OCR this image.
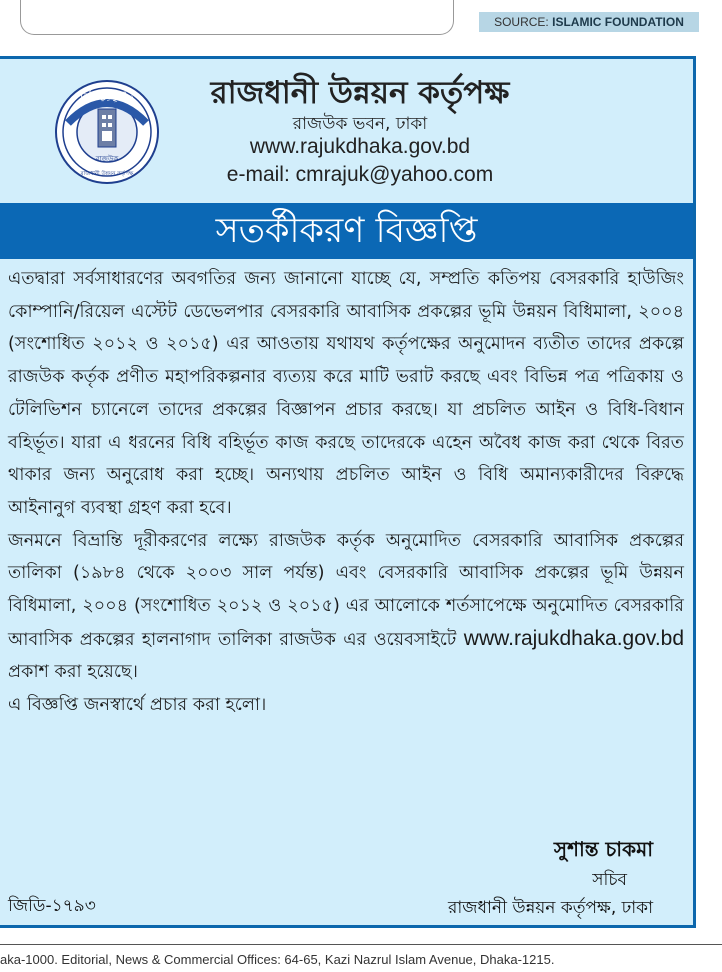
SOURCE: ISLAMIC FOUNDATION
রাজউক
رَبِّ زِدْنِي عِلْمًا
রাজধানী উন্নয়ন কর্তৃপক্ষ
রাজধানী উন্নয়ন কর্তৃপক্ষ
রাজউক ভবন, ঢাকা
www.rajukdhaka.gov.bd
e-mail: cmrajuk@yahoo.com
সতর্কীকরণ বিজ্ঞপ্তি

এতদ্বারা সর্বসাধারণের অবগতির জন্য জানানো যাচ্ছে যে, সম্প্রতি কতিপয় বেসরকারি হাউজিং কোম্পানি/রিয়েল এস্টেট ডেভেলপার বেসরকারি আবাসিক প্রকল্পের ভূমি উন্নয়ন বিধিমালা, ২০০৪ (সংশোধিত ২০১২ ও ২০১৫) এর আওতায় যথাযথ কর্তৃপক্ষের অনুমোদন ব্যতীত তাদের প্রকল্পে রাজউক কর্তৃক প্রণীত মহাপরিকল্পনার ব্যত্যয় করে মাটি ভরাট করছে এবং বিভিন্ন পত্র পত্রিকায় ও টেলিভিশন চ্যানেলে তাদের প্রকল্পের বিজ্ঞাপন প্রচার করছে। যা প্রচলিত আইন ও বিধি-বিধান বহির্ভূত। যারা এ ধরনের বিধি বহির্ভূত কাজ করছে তাদেরকে এহেন অবৈধ কাজ করা থেকে বিরত থাকার জন্য অনুরোধ করা হচ্ছে। অন্যথায় প্রচলিত আইন ও বিধি অমান্যকারীদের বিরুদ্ধে আইনানুগ ব্যবস্থা গ্রহণ করা হবে।

জনমনে বিভ্রান্তি দূরীকরণের লক্ষ্যে রাজউক কর্তৃক অনুমোদিত বেসরকারি আবাসিক প্রকল্পের তালিকা (১৯৮৪ থেকে ২০০৩ সাল পর্যন্ত) এবং বেসরকারি আবাসিক প্রকল্পের ভূমি উন্নয়ন বিধিমালা, ২০০৪ (সংশোধিত ২০১২ ও ২০১৫) এর আলোকে শর্তসাপেক্ষে অনুমোদিত বেসরকারি আবাসিক প্রকল্পের হালনাগাদ তালিকা রাজউক এর ওয়েবসাইটে www.rajukdhaka.gov.bd প্রকাশ করা হয়েছে।

এ বিজ্ঞপ্তি জনস্বার্থে প্রচার করা হলো।

সুশান্ত চাকমা
সচিব
রাজধানী উন্নয়ন কর্তৃপক্ষ, ঢাকা
জিডি-১৭৯৩
aka-1000. Editorial, News & Commercial Offices: 64-65, Kazi Nazrul Islam Avenue, Dhaka-1215.
